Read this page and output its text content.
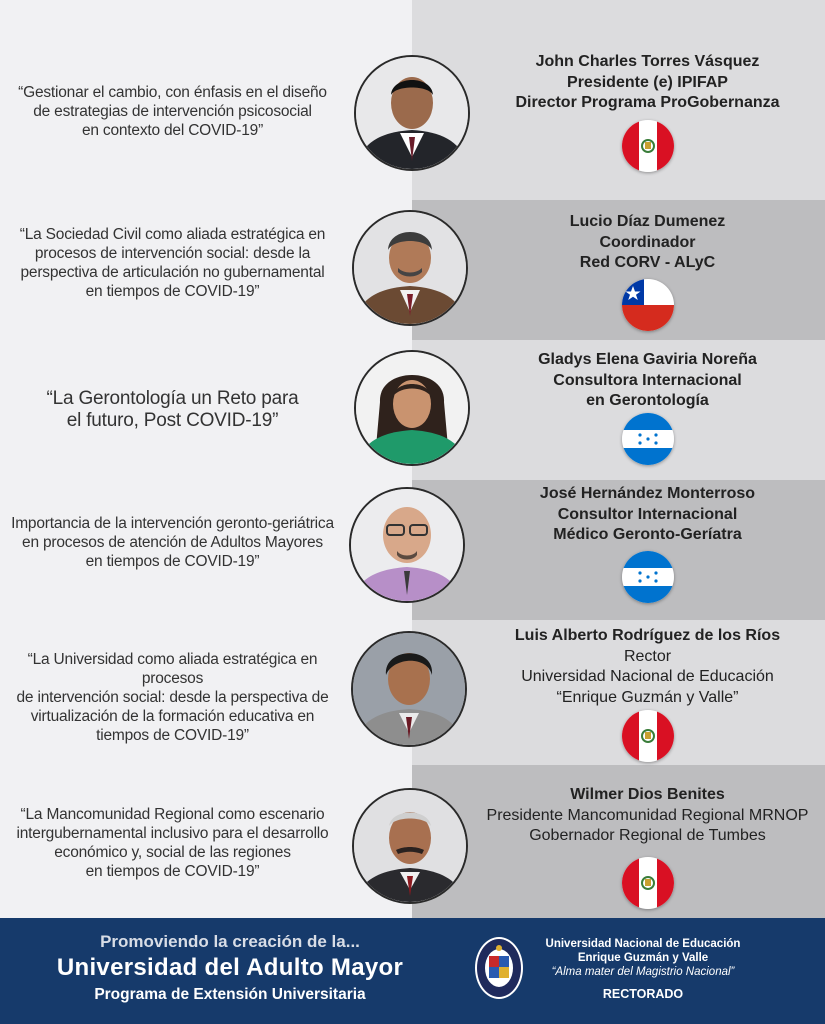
“Gestionar el cambio, con énfasis en el diseño
de estrategias de intervención psicosocial
en contexto del COVID-19”
John Charles Torres Vásquez
Presidente (e) IPIFAP
Director Programa ProGobernanza
“La Sociedad Civil como aliada estratégica en
procesos de intervención social: desde la
perspectiva de articulación no gubernamental
en tiempos de COVID-19”
Lucio Díaz Dumenez
Coordinador
Red CORV - ALyC
“La Gerontología un Reto para
el futuro, Post COVID-19”
Gladys Elena Gaviria Noreña
Consultora Internacional
en Gerontología
Importancia de la intervención geronto-geriátrica
en procesos de atención de Adultos Mayores
en tiempos de COVID-19”
José Hernández Monterroso
Consultor Internacional
Médico Geronto-Geríatra
“La Universidad como aliada estratégica en procesos
de intervención social: desde la perspectiva de
virtualización de la formación educativa en
tiempos de COVID-19”
Luis Alberto Rodríguez de los Ríos
Rector
Universidad Nacional de Educación
“Enrique Guzmán y Valle”
“La Mancomunidad Regional como escenario
intergubernamental inclusivo para el desarrollo
económico y, social de las regiones
en tiempos de COVID-19”
Wilmer Dios Benites
Presidente Mancomunidad Regional MRNOP
Gobernador Regional de Tumbes
Promoviendo la creación de la...
Universidad del Adulto Mayor
Programa de Extensión Universitaria
Universidad Nacional de Educación
Enrique Guzmán y Valle
“Alma mater del Magistrio Nacional”
RECTORADO
